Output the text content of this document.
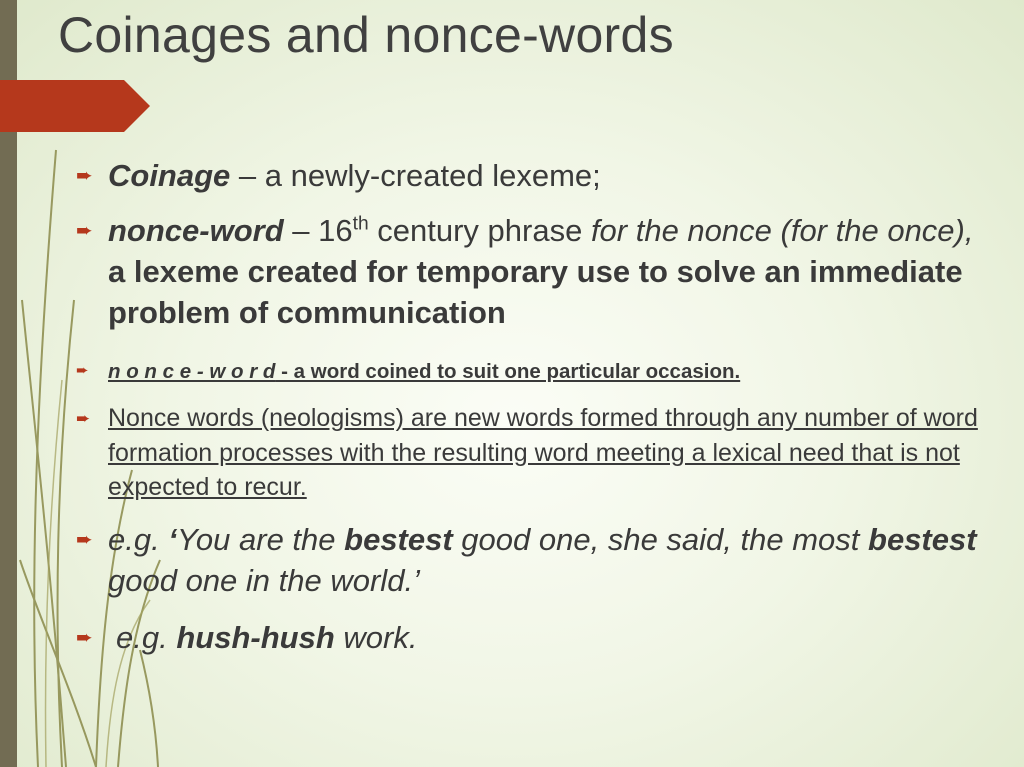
Coinages and nonce-words
➨ Coinage – a newly-created lexeme;
➨ nonce-word – 16th century phrase for the nonce (for the once), a lexeme created for temporary use to solve an immediate problem of communication
➨ n o n c e - w o r d - a word coined to suit one particular occasion.
➨ Nonce words (neologisms) are new words formed through any number of word formation processes with the resulting word meeting a lexical need that is not expected to recur.
➨ e.g. ‘You are the bestest good one, she said, the most bestest good one in the world.’
➨ e.g. hush-hush work.
